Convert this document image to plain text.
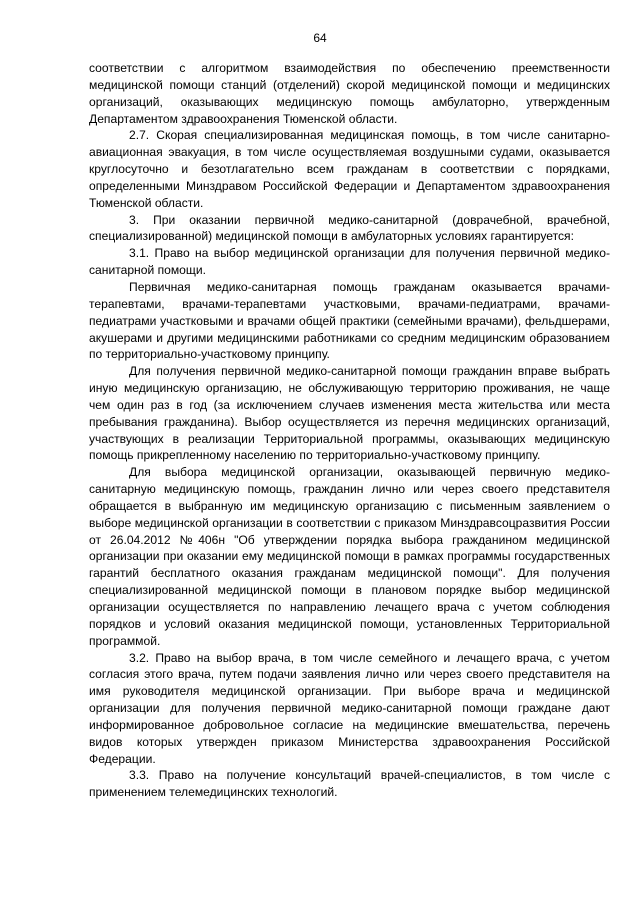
64

соответствии с алгоритмом взаимодействия по обеспечению преемственности медицинской помощи станций (отделений) скорой медицинской помощи и медицинских организаций, оказывающих медицинскую помощь амбулаторно, утвержденным Департаментом здравоохранения Тюменской области.

2.7. Скорая специализированная медицинская помощь, в том числе санитарно-авиационная эвакуация, в том числе осуществляемая воздушными судами, оказывается круглосуточно и безотлагательно всем гражданам в соответствии с порядками, определенными Минздравом Российской Федерации и Департаментом здравоохранения Тюменской области.

3. При оказании первичной медико-санитарной (доврачебной, врачебной, специализированной) медицинской помощи в амбулаторных условиях гарантируется:

3.1. Право на выбор медицинской организации для получения первичной медико-санитарной помощи.

Первичная медико-санитарная помощь гражданам оказывается врачами-терапевтами, врачами-терапевтами участковыми, врачами-педиатрами, врачами-педиатрами участковыми и врачами общей практики (семейными врачами), фельдшерами, акушерами и другими медицинскими работниками со средним медицинским образованием по территориально-участковому принципу.

Для получения первичной медико-санитарной помощи гражданин вправе выбрать иную медицинскую организацию, не обслуживающую территорию проживания, не чаще чем один раз в год (за исключением случаев изменения места жительства или места пребывания гражданина). Выбор осуществляется из перечня медицинских организаций, участвующих в реализации Территориальной программы, оказывающих медицинскую помощь прикрепленному населению по территориально-участковому принципу.

Для выбора медицинской организации, оказывающей первичную медико-санитарную медицинскую помощь, гражданин лично или через своего представителя обращается в выбранную им медицинскую организацию с письменным заявлением о выборе медицинской организации в соответствии с приказом Минздравсоцразвития России от 26.04.2012 №406н "Об утверждении порядка выбора гражданином медицинской организации при оказании ему медицинской помощи в рамках программы государственных гарантий бесплатного оказания гражданам медицинской помощи". Для получения специализированной медицинской помощи в плановом порядке выбор медицинской организации осуществляется по направлению лечащего врача с учетом соблюдения порядков и условий оказания медицинской помощи, установленных Территориальной программой.

3.2. Право на выбор врача, в том числе семейного и лечащего врача, с учетом согласия этого врача, путем подачи заявления лично или через своего представителя на имя руководителя медицинской организации. При выборе врача и медицинской организации для получения первичной медико-санитарной помощи граждане дают информированное добровольное согласие на медицинские вмешательства, перечень видов которых утвержден приказом Министерства здравоохранения Российской Федерации.

3.3. Право на получение консультаций врачей-специалистов, в том числе с применением телемедицинских технологий.
